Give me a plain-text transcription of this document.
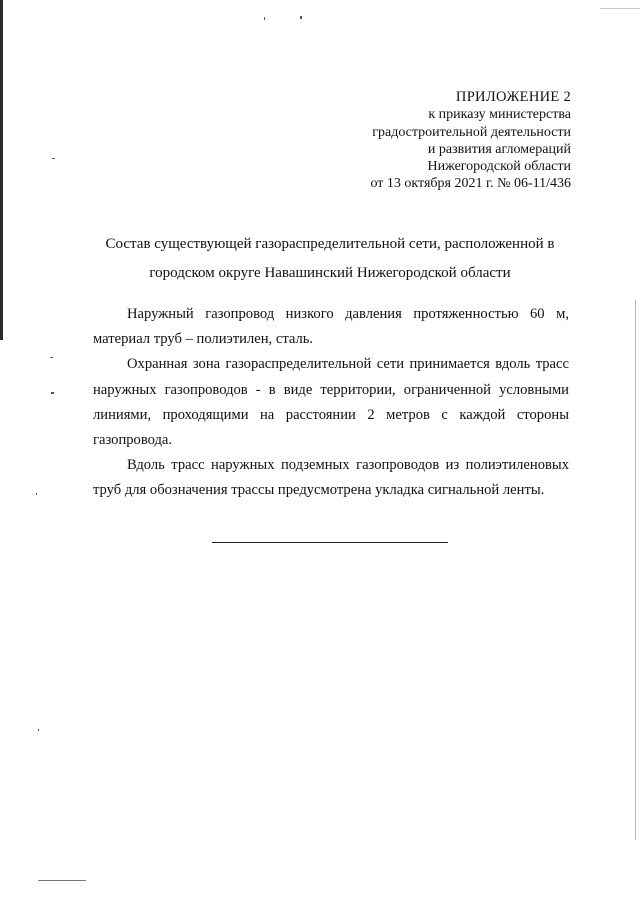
ПРИЛОЖЕНИЕ 2
к приказу министерства
градостроительной деятельности
и развития агломераций
Нижегородской области
от 13 октября 2021 г. № 06-11/436
Состав существующей газораспределительной сети, расположенной в
городском округе Навашинский Нижегородской области

Наружный газопровод низкого давления протяженностью 60 м, материал труб – полиэтилен, сталь.

Охранная зона газораспределительной сети принимается вдоль трасс наружных газопроводов - в виде территории, ограниченной условными линиями, проходящими на расстоянии 2 метров с каждой стороны газопровода.

Вдоль трасс наружных подземных газопроводов из полиэтиленовых труб для обозначения трассы предусмотрена укладка сигнальной ленты.
